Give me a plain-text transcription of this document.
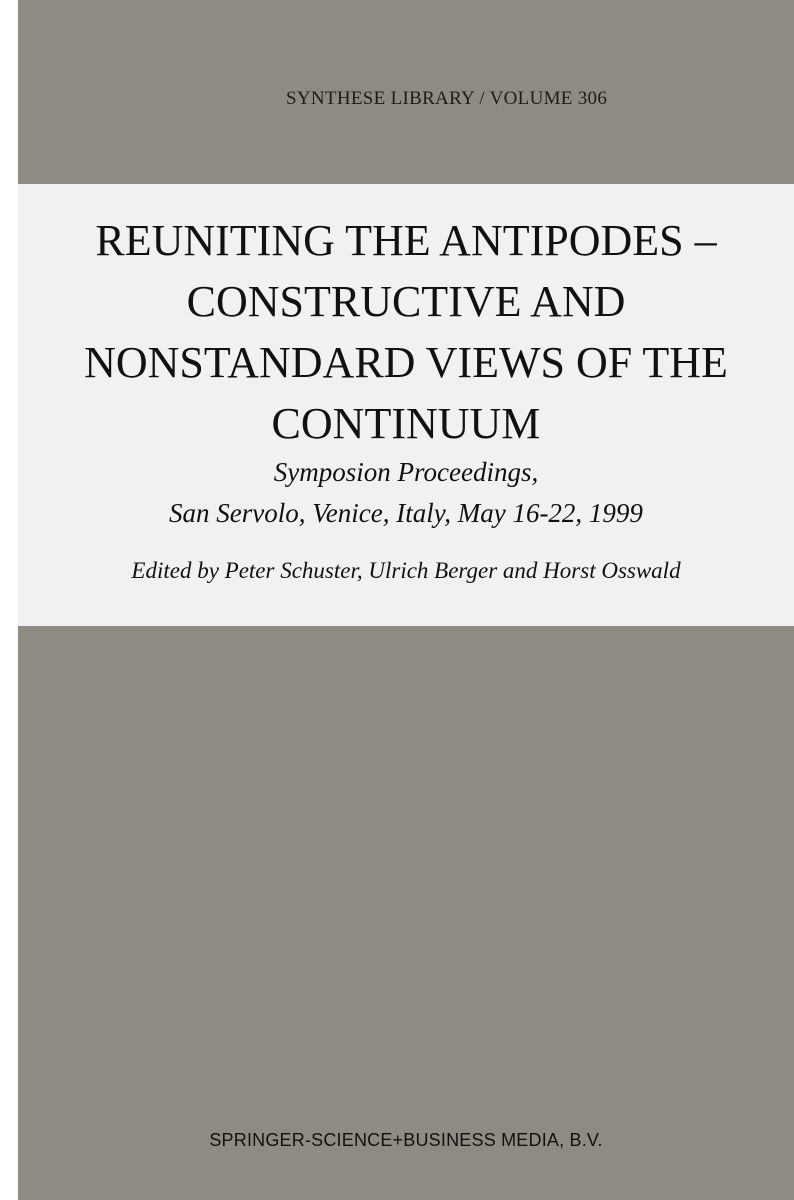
SYNTHESE LIBRARY / VOLUME 306
REUNITING THE ANTIPODES –
CONSTRUCTIVE AND
NONSTANDARD VIEWS OF THE
CONTINUUM
Symposion Proceedings,
San Servolo, Venice, Italy, May 16-22, 1999
Edited by Peter Schuster, Ulrich Berger and Horst Osswald
SPRINGER-SCIENCE+BUSINESS MEDIA, B.V.
